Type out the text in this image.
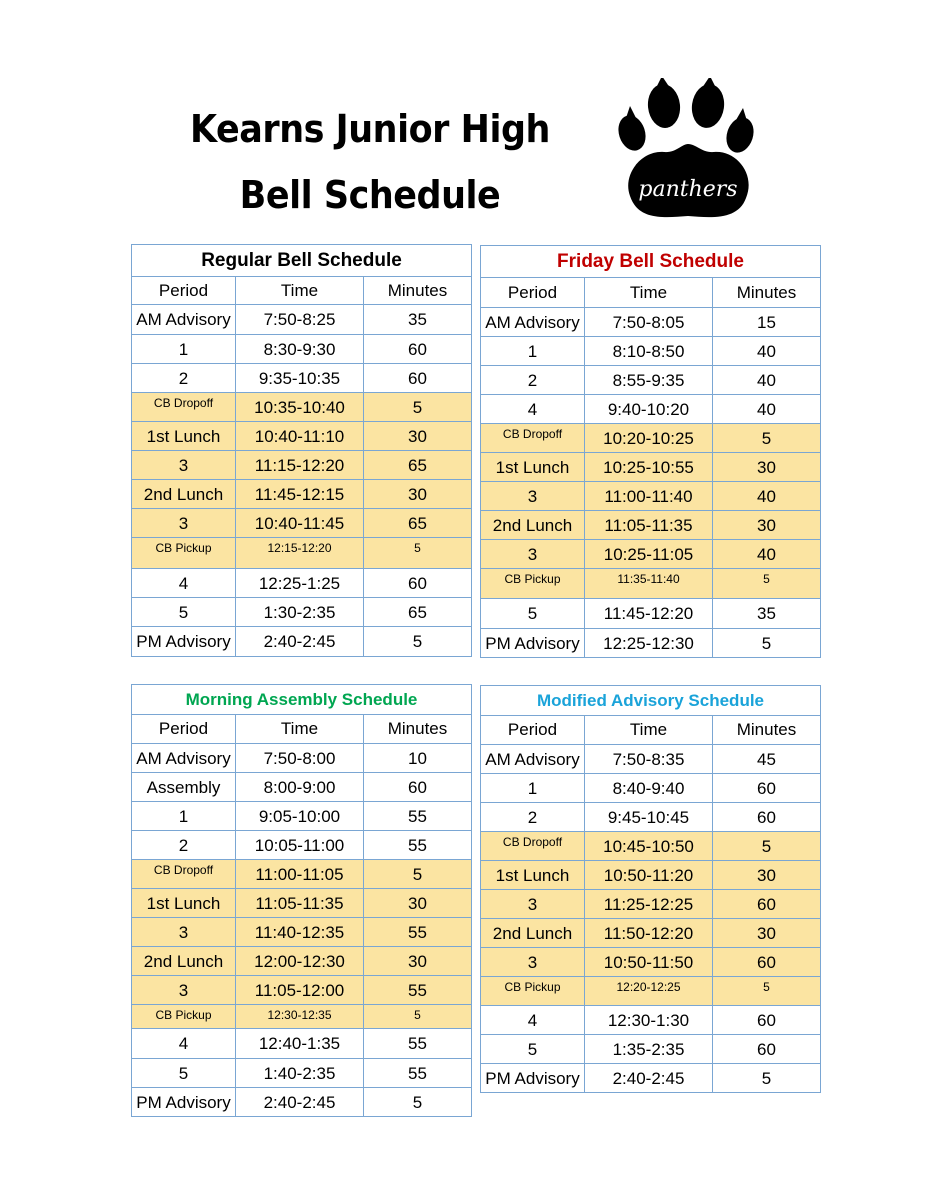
Kearns Junior High
Bell Schedule	panthers
Regular Bell Schedule		
Period	Time	Minutes
AM Advisory	7:50-8:25	35
1	8:30-9:30	60
2	9:35-10:35	60
CB Dropoff	10:35-10:40	5
1st Lunch	10:40-11:10	30
3	11:15-12:20	65
2nd Lunch	11:45-12:15	30
3	10:40-11:45	65
CB Pickup	12:15-12:20	5
4	12:25-1:25	60
5	1:30-2:35	65
PM Advisory	2:40-2:45	5
Friday Bell Schedule		
Period	Time	Minutes
AM Advisory	7:50-8:05	15
1	8:10-8:50	40
2	8:55-9:35	40
4	9:40-10:20	40
CB Dropoff	10:20-10:25	5
1st Lunch	10:25-10:55	30
3	11:00-11:40	40
2nd Lunch	11:05-11:35	30
3	10:25-11:05	40
CB Pickup	11:35-11:40	5
5	11:45-12:20	35
PM Advisory	12:25-12:30	5
Morning Assembly Schedule		
Period	Time	Minutes
AM Advisory	7:50-8:00	10
Assembly	8:00-9:00	60
1	9:05-10:00	55
2	10:05-11:00	55
CB Dropoff	11:00-11:05	5
1st Lunch	11:05-11:35	30
3	11:40-12:35	55
2nd Lunch	12:00-12:30	30
3	11:05-12:00	55
CB Pickup	12:30-12:35	5
4	12:40-1:35	55
5	1:40-2:35	55
PM Advisory	2:40-2:45	5
Modified Advisory Schedule		
Period	Time	Minutes
AM Advisory	7:50-8:35	45
1	8:40-9:40	60
2	9:45-10:45	60
CB Dropoff	10:45-10:50	5
1st Lunch	10:50-11:20	30
3	11:25-12:25	60
2nd Lunch	11:50-12:20	30
3	10:50-11:50	60
CB Pickup	12:20-12:25	5
4	12:30-1:30	60
5	1:35-2:35	60
PM Advisory	2:40-2:45	5
